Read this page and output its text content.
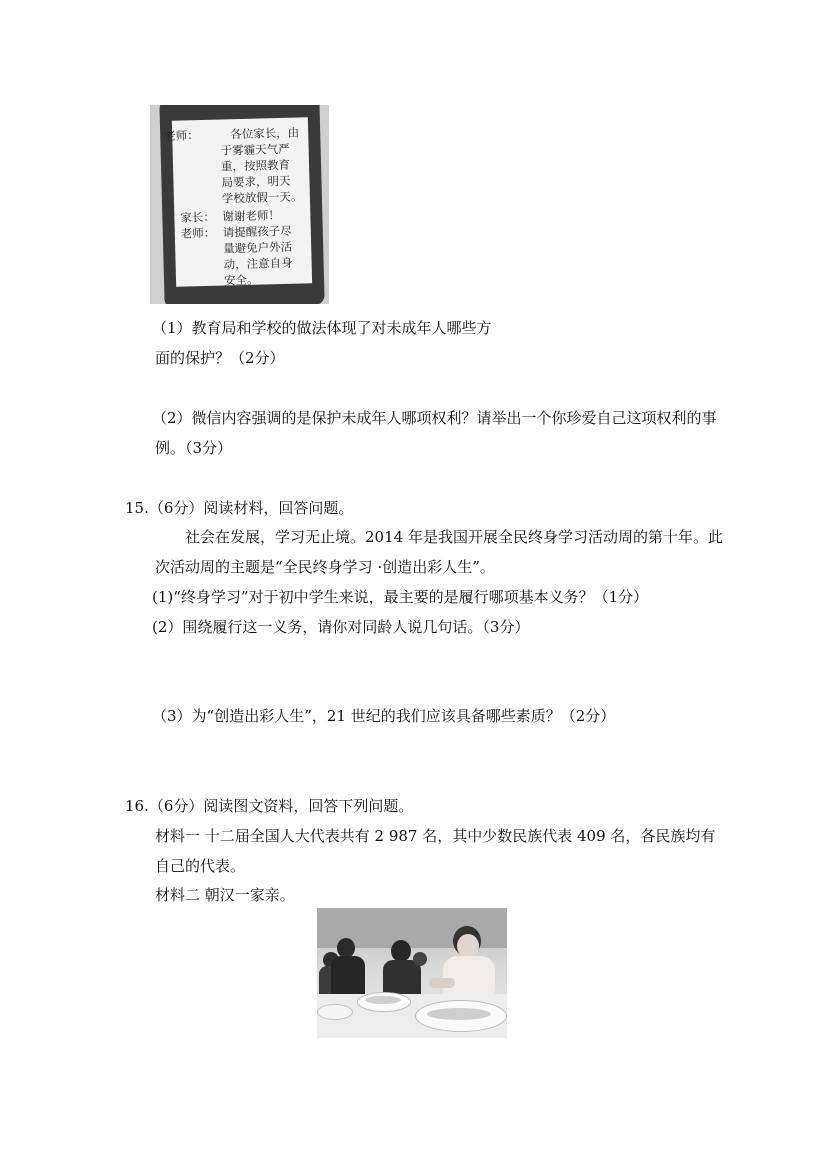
老师：	各位家长，由
于雾霾天气严
重，按照教育
局要求，明天
学校放假一天。
家长： 谢谢老师！
老师： 请提醒孩子尽
量避免户外活
动，注意自身
安全。
（1）教育局和学校的做法体现了对未成年人哪些方
面的保护？（2分）
（2）微信内容强调的是保护未成年人哪项权利？请举出一个你珍爱自己这项权利的事
例。（3分）
15.（6分）阅读材料，回答问题。
社会在发展，学习无止境。2014 年是我国开展全民终身学习活动周的第十年。此
次活动周的主题是“全民终身学习 ·创造出彩人生”。
(1)“终身学习”对于初中学生来说，最主要的是履行哪项基本义务？（1分）
(2）围绕履行这一义务，请你对同龄人说几句话。（3分）
（3）为“创造出彩人生”，21 世纪的我们应该具备哪些素质？（2分）
16.（6分）阅读图文资料，回答下列问题。
材料一 十二届全国人大代表共有 2 987 名，其中少数民族代表 409 名，各民族均有
自己的代表。
材料二 朝汉一家亲。
